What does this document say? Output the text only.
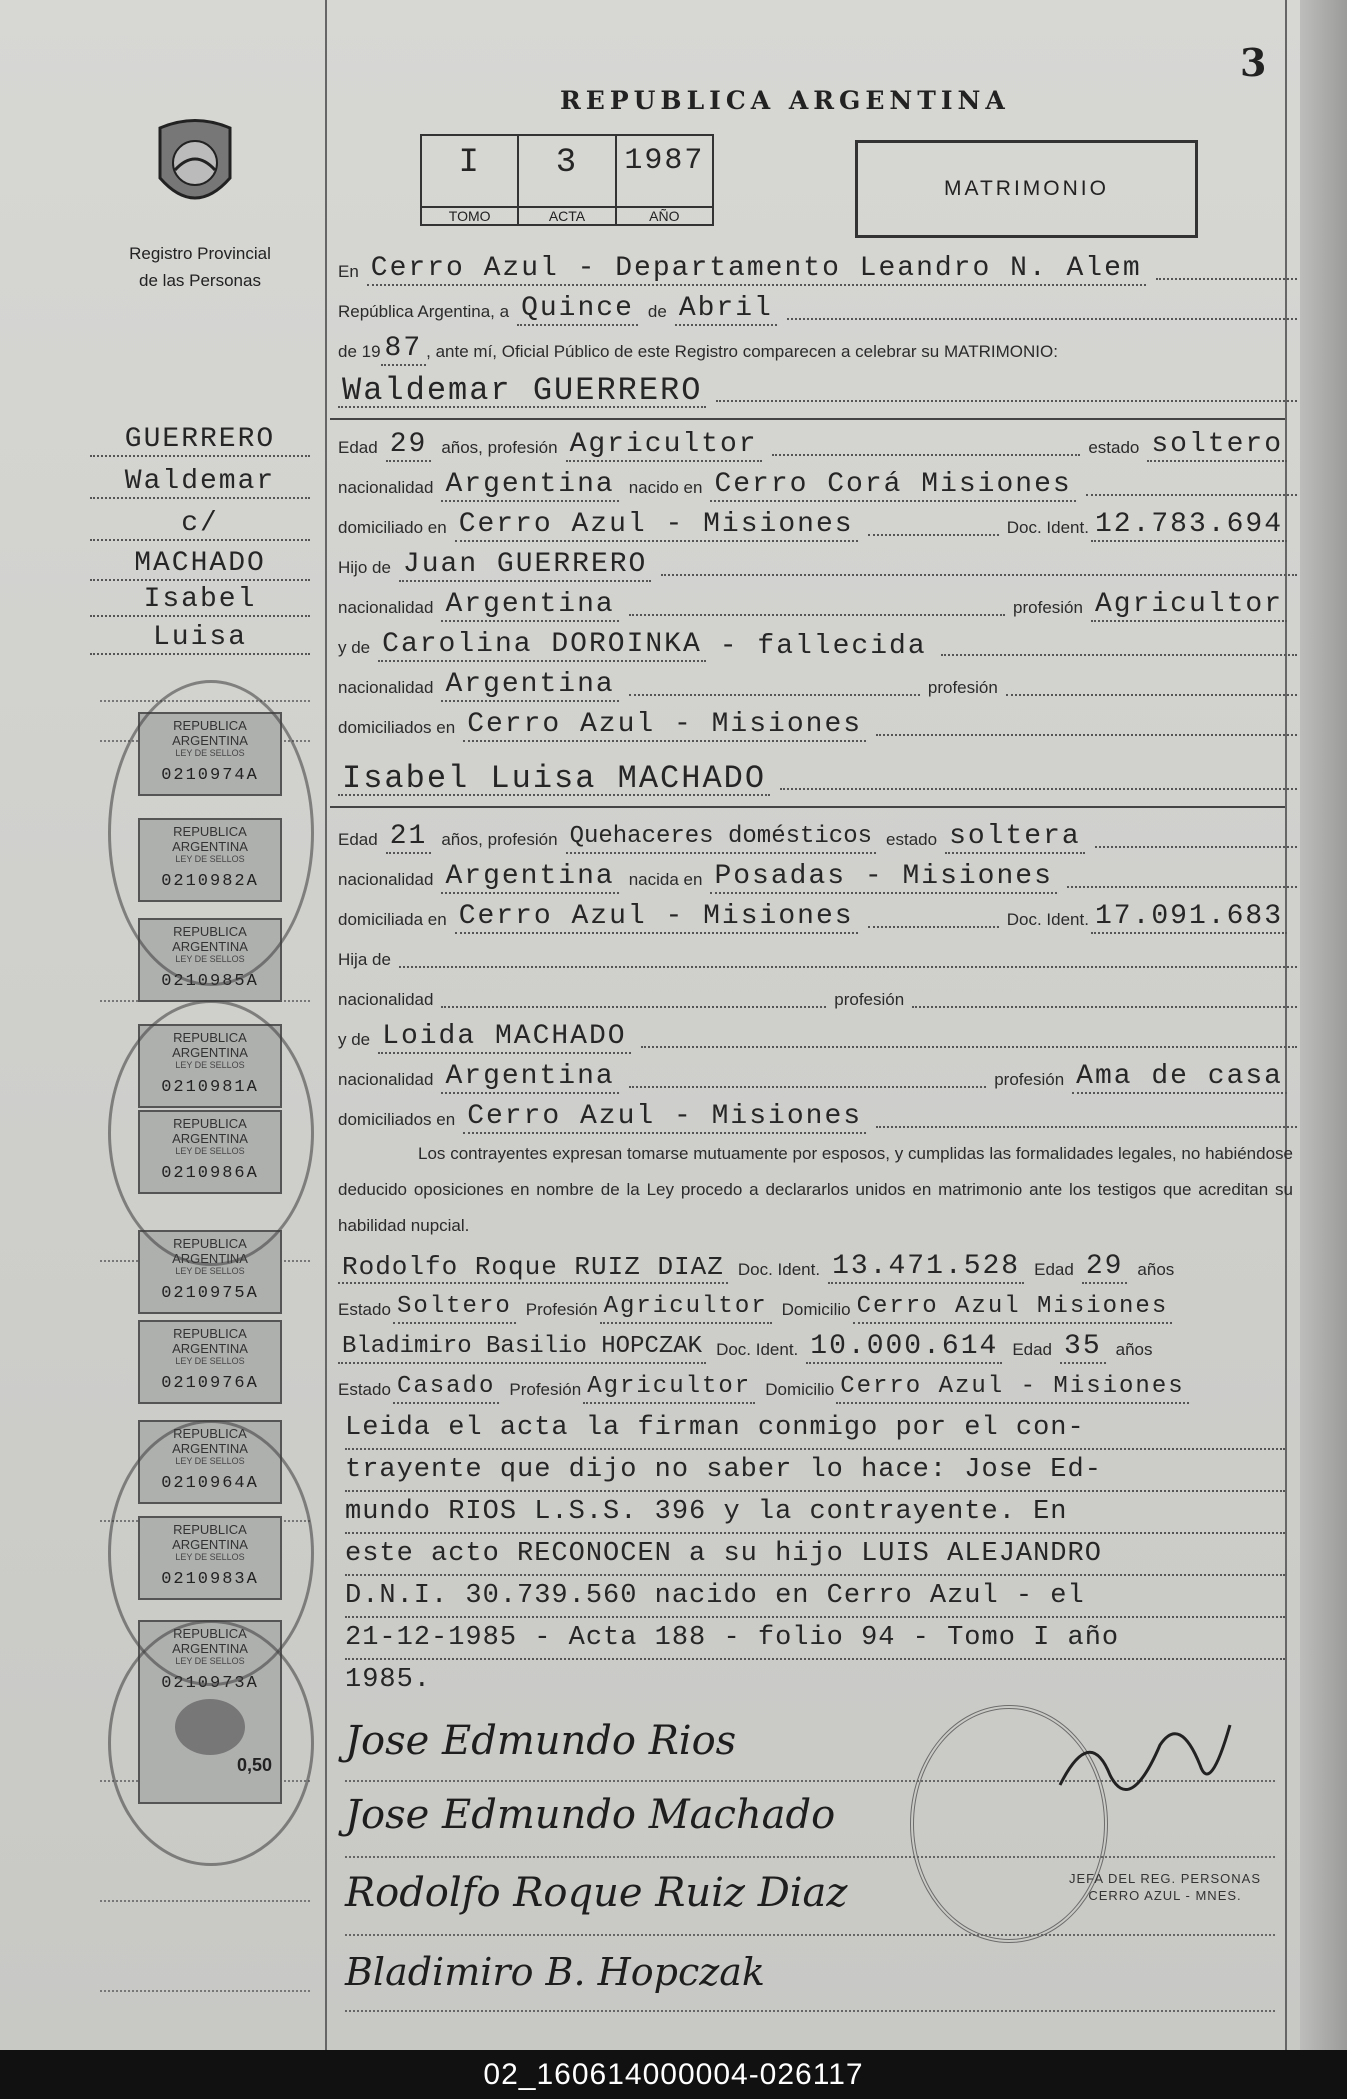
3
Registro Provincial
de las Personas
REPUBLICA ARGENTINA
I
TOMO
3
ACTA
1987
AÑO
MATRIMONIO
En Cerro Azul - Departamento Leandro N. Alem
República Argentina, a Quince de Abril
de 19 87 , ante mí, Oficial Público de este Registro comparecen a celebrar su MATRIMONIO:
Waldemar GUERRERO
Edad 29 años, profesión Agricultor	estado soltero
nacionalidad Argentina nacido en Cerro Corá Misiones
domiciliado en Cerro Azul - Misiones	Doc. Ident. 12.783.694
Hijo de Juan GUERRERO
nacionalidad Argentina	profesión Agricultor
y de Carolina DOROINKA - fallecida
nacionalidad Argentina	profesión
domiciliados en Cerro Azul - Misiones
Isabel Luisa MACHADO
Edad 21 años, profesión Quehaceres domésticos estado soltera
nacionalidad Argentina nacida en Posadas - Misiones
domiciliada en Cerro Azul - Misiones	Doc. Ident. 17.091.683
Hija de
nacionalidad	profesión
y de Loida MACHADO
nacionalidad Argentina	profesión Ama de casa
domiciliados en Cerro Azul - Misiones
Los contrayentes expresan tomarse mutuamente por esposos, y cumplidas las formalidades legales, no habiéndose deducido oposiciones en nombre de la Ley procedo a declararlos unidos en matrimonio ante los testigos que acreditan su habilidad nupcial.
Rodolfo Roque RUIZ DIAZ Doc. Ident. 13.471.528 Edad 29 años
Estado Soltero Profesión Agricultor Domicilio Cerro Azul Misiones
Bladimiro Basilio HOPCZAK Doc. Ident. 10.000.614 Edad 35 años
Estado Casado Profesión Agricultor Domicilio Cerro Azul - Misiones
Leida el acta la firman conmigo por el con-
trayente que dijo no saber lo hace: Jose Ed-
mundo RIOS L.S.S. 396 y la contrayente. En
este acto RECONOCEN a su hijo LUIS ALEJANDRO
D.N.I. 30.739.560 nacido en Cerro Azul - el
21-12-1985 - Acta 188 - folio 94 - Tomo I año
1985.
Jose Edmundo Rios
Jose Edmundo Machado
Rodolfo Roque Ruiz Diaz
Bladimiro B. Hopczak
JEFA DEL REG. PERSONAS
CERRO AZUL - MNES.
GUERRERO
Waldemar
c/
MACHADO
Isabel
Luisa
REPUBLICA ARGENTINA
LEY DE SELLOS
0210974A
REPUBLICA ARGENTINA
LEY DE SELLOS
0210982A
REPUBLICA ARGENTINA
LEY DE SELLOS
0210985A
REPUBLICA ARGENTINA
LEY DE SELLOS
0210981A
REPUBLICA ARGENTINA
LEY DE SELLOS
0210986A
REPUBLICA ARGENTINA
LEY DE SELLOS
0210975A
REPUBLICA ARGENTINA
LEY DE SELLOS
0210976A
REPUBLICA ARGENTINA
LEY DE SELLOS
0210964A
REPUBLICA ARGENTINA
LEY DE SELLOS
0210983A
REPUBLICA ARGENTINA
LEY DE SELLOS
0210973A
0,50
02_160614000004-026117
